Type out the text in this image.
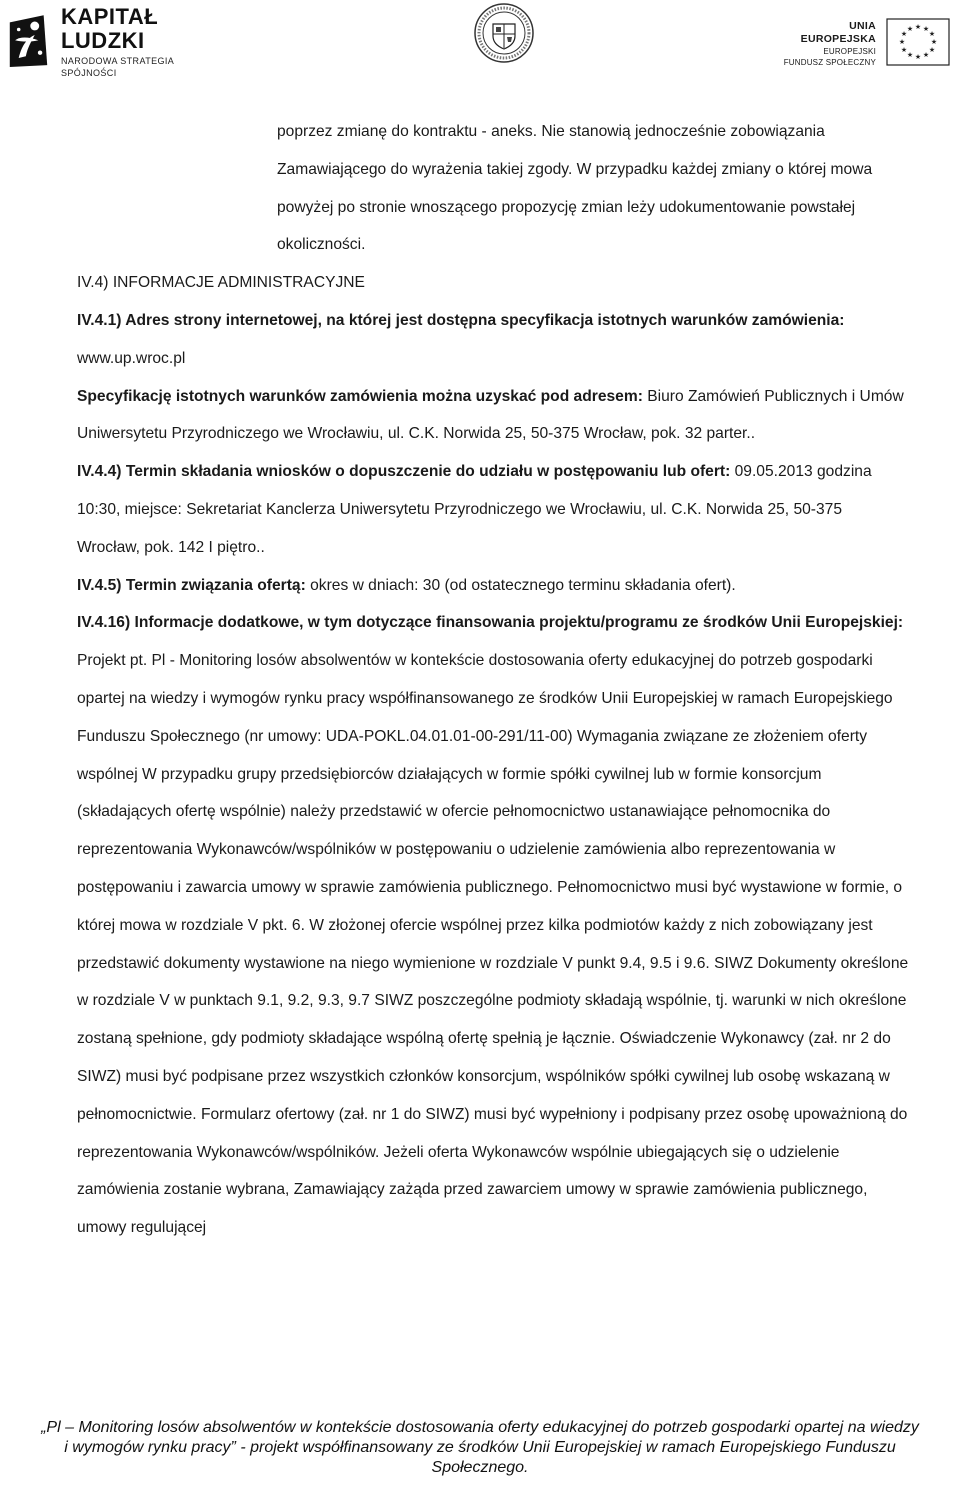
KAPITAŁ LUDZKI
NARODOWA STRATEGIA SPÓJNOŚCI
UNIA EUROPEJSKA
EUROPEJSKI
FUNDUSZ SPOŁECZNY
★ ★
★
★
★
★
★
★
★
★
★
★

poprzez zmianę do kontraktu - aneks. Nie stanowią jednocześnie zobowiązania Zamawiającego do wyrażenia takiej zgody. W przypadku każdej zmiany o której mowa powyżej po stronie wnoszącego propozycję zmian leży udokumentowanie powstałej okoliczności.

IV.4) INFORMACJE ADMINISTRACYJNE

IV.4.1) Adres strony internetowej, na której jest dostępna specyfikacja istotnych warunków zamówienia: www.up.wroc.pl

Specyfikację istotnych warunków zamówienia można uzyskać pod adresem: Biuro Zamówień Publicznych i Umów Uniwersytetu Przyrodniczego we Wrocławiu, ul. C.K. Norwida 25, 50-375 Wrocław, pok. 32 parter..

IV.4.4) Termin składania wniosków o dopuszczenie do udziału w postępowaniu lub ofert: 09.05.2013 godzina 10:30, miejsce: Sekretariat Kanclerza Uniwersytetu Przyrodniczego we Wrocławiu, ul. C.K. Norwida 25, 50-375 Wrocław, pok. 142 I piętro..

IV.4.5) Termin związania ofertą: okres w dniach: 30 (od ostatecznego terminu składania ofert).

IV.4.16) Informacje dodatkowe, w tym dotyczące finansowania projektu/programu ze środków Unii Europejskiej: Projekt pt. Pl - Monitoring losów absolwentów w kontekście dostosowania oferty edukacyjnej do potrzeb gospodarki opartej na wiedzy i wymogów rynku pracy współfinansowanego ze środków Unii Europejskiej w ramach Europejskiego Funduszu Społecznego (nr umowy: UDA-POKL.04.01.01-00-291/11-00) Wymagania związane ze złożeniem oferty wspólnej W przypadku grupy przedsiębiorców działających w formie spółki cywilnej lub w formie konsorcjum (składających ofertę wspólnie) należy przedstawić w ofercie pełnomocnictwo ustanawiające pełnomocnika do reprezentowania Wykonawców/wspólników w postępowaniu o udzielenie zamówienia albo reprezentowania w postępowaniu i zawarcia umowy w sprawie zamówienia publicznego. Pełnomocnictwo musi być wystawione w formie, o której mowa w rozdziale V pkt. 6. W złożonej ofercie wspólnej przez kilka podmiotów każdy z nich zobowiązany jest przedstawić dokumenty wystawione na niego wymienione w rozdziale V punkt 9.4, 9.5 i 9.6. SIWZ Dokumenty określone w rozdziale V w punktach 9.1, 9.2, 9.3, 9.7 SIWZ poszczególne podmioty składają wspólnie, tj. warunki w nich określone zostaną spełnione, gdy podmioty składające wspólną ofertę spełnią je łącznie. Oświadczenie Wykonawcy (zał. nr 2 do SIWZ) musi być podpisane przez wszystkich członków konsorcjum, wspólników spółki cywilnej lub osobę wskazaną w pełnomocnictwie. Formularz ofertowy (zał. nr 1 do SIWZ) musi być wypełniony i podpisany przez osobę upoważnioną do reprezentowania Wykonawców/wspólników. Jeżeli oferta Wykonawców wspólnie ubiegających się o udzielenie zamówienia zostanie wybrana, Zamawiający zażąda przed zawarciem umowy w sprawie zamówienia publicznego, umowy regulującej

„Pl – Monitoring losów absolwentów w kontekście dostosowania oferty edukacyjnej do potrzeb gospodarki opartej na wiedzy i wymogów rynku pracy” - projekt współfinansowany ze środków Unii Europejskiej w ramach Europejskiego Funduszu Społecznego.
